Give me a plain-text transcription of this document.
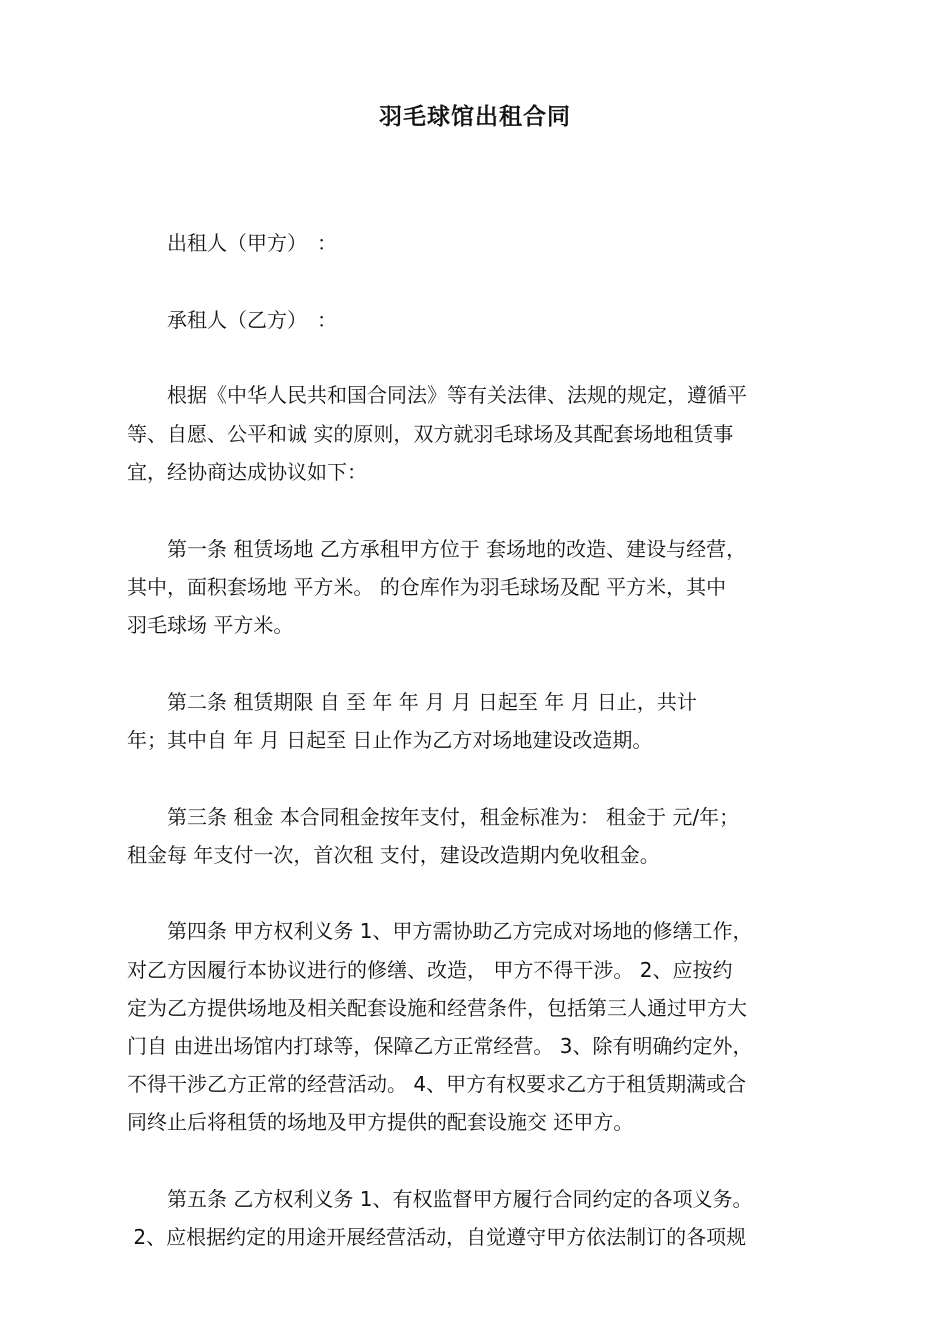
羽毛球馆出租合同
　　出租人（甲方）　：
　　承租人（乙方）　：
　　根据《中华人民共和国合同法》等有关法律、法规的规定，遵循平
等、自愿、公平和诚 实的原则，双方就羽毛球场及其配套场地租赁事
宜，经协商达成协议如下：
　　第一条 租赁场地 乙方承租甲方位于 套场地的改造、建设与经营，
其中，面积套场地 平方米。 的仓库作为羽毛球场及配 平方米，其中
羽毛球场 平方米。
　　第二条 租赁期限 自 至 年 年 月 月 日起至 年 月 日止，共计
年；其中自 年 月 日起至 日止作为乙方对场地建设改造期。
　　第三条 租金 本合同租金按年支付，租金标准为： 租金于 元/年；
租金每 年支付一次，首次租 支付，建设改造期内免收租金。
　　第四条 甲方权利义务 1、甲方需协助乙方完成对场地的修缮工作，
对乙方因履行本协议进行的修缮、改造， 甲方不得干涉。 2、应按约
定为乙方提供场地及相关配套设施和经营条件，包括第三人通过甲方大
门自 由进出场馆内打球等，保障乙方正常经营。 3、除有明确约定外，
不得干涉乙方正常的经营活动。 4、甲方有权要求乙方于租赁期满或合
同终止后将租赁的场地及甲方提供的配套设施交 还甲方。
　　第五条 乙方权利义务 1、有权监督甲方履行合同约定的各项义务。
2、应根据约定的用途开展经营活动，自觉遵守甲方依法制订的各项规
